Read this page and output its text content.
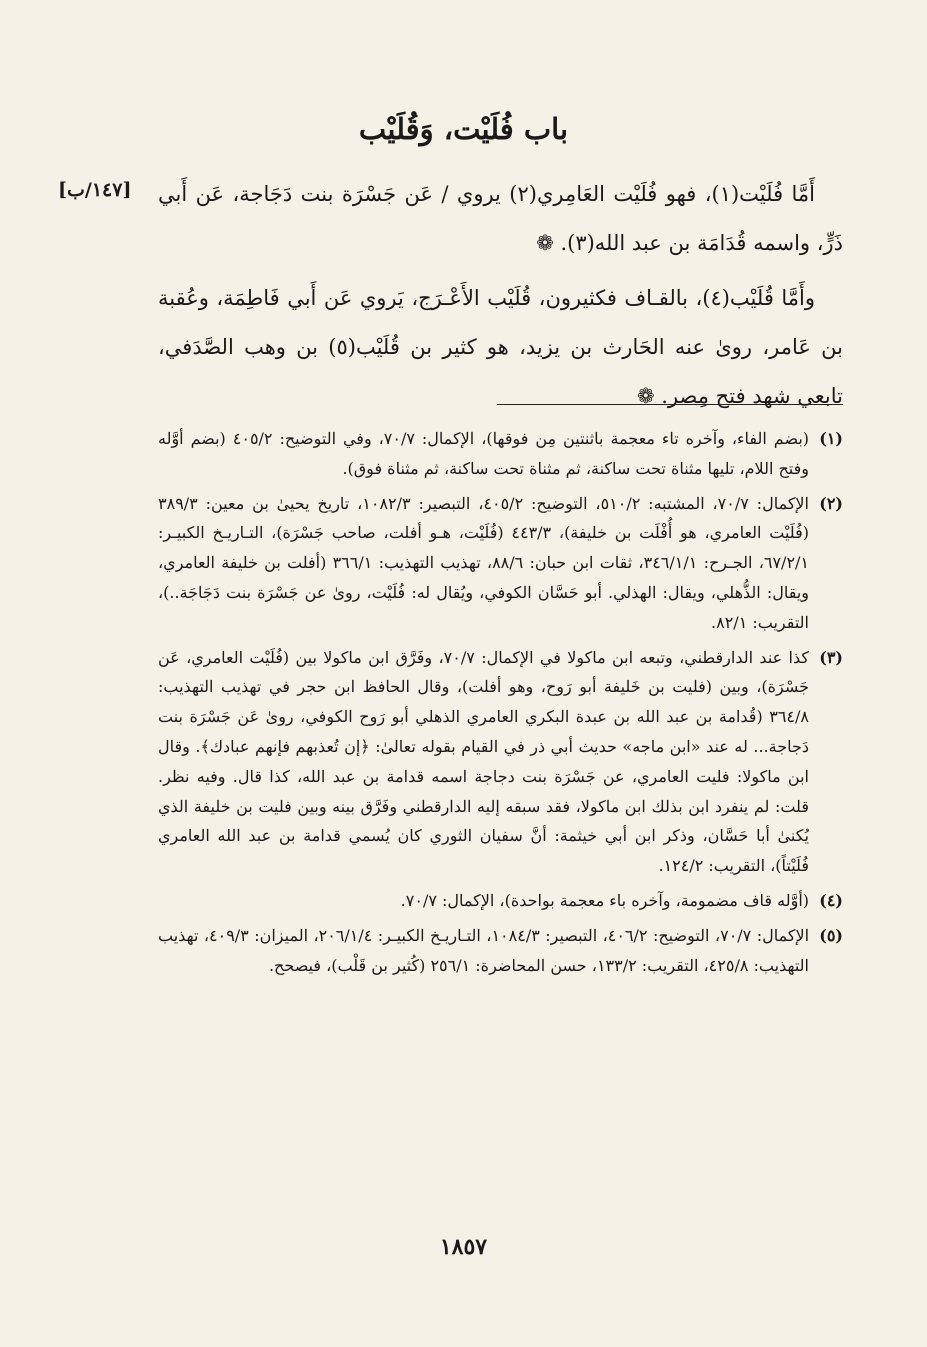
باب فُلَيْت، وَقُلَيْب
[١٤٧/ب] أَمَّا فُلَيْت(١)، فهو فُلَيْت العَامِري(٢) يروي / عَن جَسْرَة بنت دَجَاجة، عَن أَبي ذَرٍّ، واسمه قُدَامَة بن عبد الله(٣). ❁

وأَمَّا قُلَيْب(٤)، بالقـاف فكثيرون، قُلَيْب الأَعْـرَج، يَروي عَن أَبي فَاطِمَة، وعُقبة بن عَامر، روىٰ عنه الحَارث بن يزيد، هو كثير بن قُلَيْب(٥) بن وهب الصَّدَفي، تابعي شهد فتح مِصر. ❁

(١)
(بضم الفاء، وآخره تاء معجمة باثنتين مِن فوقها)، الإكمال: ٧٠/٧، وفي التوضيح: ٤٠٥/٢ (بضم أوَّله وفتح اللام، تليها مثناة تحت ساكنة، ثم مثناة تحت ساكنة، ثم مثناة فوق).
(٢)
الإكمال: ٧٠/٧، المشتبه: ٥١٠/٢، التوضيح: ٤٠٥/٢، التبصير: ١٠٨٢/٣، تاريخ يحيىٰ بن معين: ٣٨٩/٣ (فُلَيْت العامري، هو أُفْلَت بن خليفة)، ٤٤٣/٣ (فُلَيْت، هـو أفلت، صاحب جَسْرَة)، التـاريـخ الكبيـر: ٦٧/٢/١، الجـرح: ٣٤٦/١/١، ثقات ابن حبان: ٨٨/٦، تهذيب التهذيب: ٣٦٦/١ (أفلت بن خليفة العامري، ويقال: الذُّهلي، ويقال: الهذلي. أبو حَسَّان الكوفي، ويُقال له: فُلَيْت، روىٰ عن جَسْرَة بنت دَجَاجَة..)، التقريب: ٨٢/١.
(٣)
كذا عند الدارقطني، وتبعه ابن ماكولا في الإكمال: ٧٠/٧، وفَرَّق ابن ماكولا بين (فُلَيْت العامري، عَن جَسْرَة)، وبين (فليت بن خَليفة أبو رَوح، وهو أفلت)، وقال الحافظ ابن حجر في تهذيب التهذيب: ٣٦٤/٨ (قُدامة بن عبد الله بن عبدة البكري العامري الذهلي أبو رَوح الكوفي، روىٰ عَن جَسْرَة بنت دَجاجة... له عند «ابن ماجه» حديث أبي ذر في القيام بقوله تعالىٰ: ﴿إن تُعذبهم فإنهم عبادك﴾. وقال ابن ماكولا: فليت العامري، عن جَسْرَة بنت دجاجة اسمه قدامة بن عبد الله، كذا قال. وفيه نظر. قلت: لم ينفرد ابن بذلك ابن ماكولا، فقد سبقه إليه الدارقطني وفَرَّق بينه وبين فليت بن خليفة الذي يُكنىٰ أبا حَسَّان، وذكر ابن أبي خيثمة: أنَّ سفيان الثوري كان يُسمي قدامة بن عبد الله العامري فُلَيْتاً)، التقريب: ١٢٤/٢.
(٤)
(أوَّله قاف مضمومة، وآخره باء معجمة بواحدة)، الإكمال: ٧٠/٧.
(٥)
الإكمال: ٧٠/٧، التوضيح: ٤٠٦/٢، التبصير: ١٠٨٤/٣، التـاريـخ الكبيـر: ٢٠٦/١/٤، الميزان: ٤٠٩/٣، تهذيب التهذيب: ٤٢٥/٨، التقريب: ١٣٣/٢، حسن المحاضرة: ٢٥٦/١ (كُثير بن قَلْب)، فيصحح.
١٨٥٧
